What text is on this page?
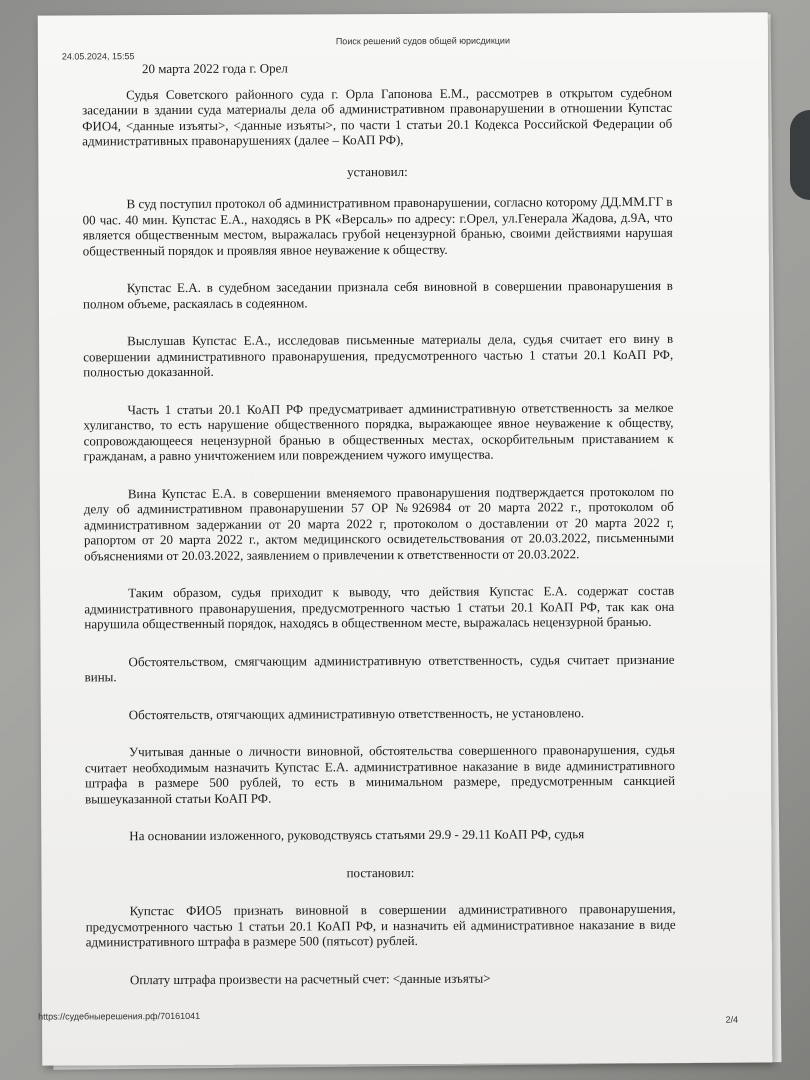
24.05.2024, 15:55
Поиск решений судов общей юрисдикции

20 марта 2022 года г. Орел

Судья Советского районного суда г. Орла Гапонова Е.М., рассмотрев в открытом судебном заседании в здании суда материалы дела об административном правонарушении в отношении Купстас ФИО4, <данные изъяты>, <данные изъяты>, по части 1 статьи 20.1 Кодекса Российской Федерации об административных правонарушениях (далее – КоАП РФ),

установил:

В суд поступил протокол об административном правонарушении, согласно которому ДД.ММ.ГГ в 00 час. 40 мин. Купстас Е.А., находясь в РК «Версаль» по адресу: г.Орел, ул.Генерала Жадова, д.9А, что является общественным местом, выражалась грубой нецензурной бранью, своими действиями нарушая общественный порядок и проявляя явное неуважение к обществу.

Купстас Е.А. в судебном заседании признала себя виновной в совершении правонарушения в полном объеме, раскаялась в содеянном.

Выслушав Купстас Е.А., исследовав письменные материалы дела, судья считает его вину в совершении административного правонарушения, предусмотренного частью 1 статьи 20.1 КоАП РФ, полностью доказанной.

Часть 1 статьи 20.1 КоАП РФ предусматривает административную ответственность за мелкое хулиганство, то есть нарушение общественного порядка, выражающее явное неуважение к обществу, сопровождающееся нецензурной бранью в общественных местах, оскорбительным приставанием к гражданам, а равно уничтожением или повреждением чужого имущества.

Вина Купстас Е.А. в совершении вменяемого правонарушения подтверждается протоколом по делу об административном правонарушении 57 ОР №926984 от 20 марта 2022 г., протоколом об административном задержании от 20 марта 2022 г, протоколом о доставлении от 20 марта 2022 г, рапортом от 20 марта 2022 г., актом медицинского освидетельствования от 20.03.2022, письменными объяснениями от 20.03.2022, заявлением о привлечении к ответственности от 20.03.2022.

Таким образом, судья приходит к выводу, что действия Купстас Е.А. содержат состав административного правонарушения, предусмотренного частью 1 статьи 20.1 КоАП РФ, так как она нарушила общественный порядок, находясь в общественном месте, выражалась нецензурной бранью.

Обстоятельством, смягчающим административную ответственность, судья считает признание вины.

Обстоятельств, отягчающих административную ответственность, не установлено.

Учитывая данные о личности виновной, обстоятельства совершенного правонарушения, судья считает необходимым назначить Купстас Е.А. административное наказание в виде административного штрафа в размере 500 рублей, то есть в минимальном размере, предусмотренным санкцией вышеуказанной статьи КоАП РФ.

На основании изложенного, руководствуясь статьями 29.9 - 29.11 КоАП РФ, судья

постановил:

Купстас ФИО5 признать виновной в совершении административного правонарушения, предусмотренного частью 1 статьи 20.1 КоАП РФ, и назначить ей административное наказание в виде административного штрафа в размере 500 (пятьсот) рублей.

Оплату штрафа произвести на расчетный счет: <данные изъяты>

https://судебныерешения.рф/70161041	2/4
